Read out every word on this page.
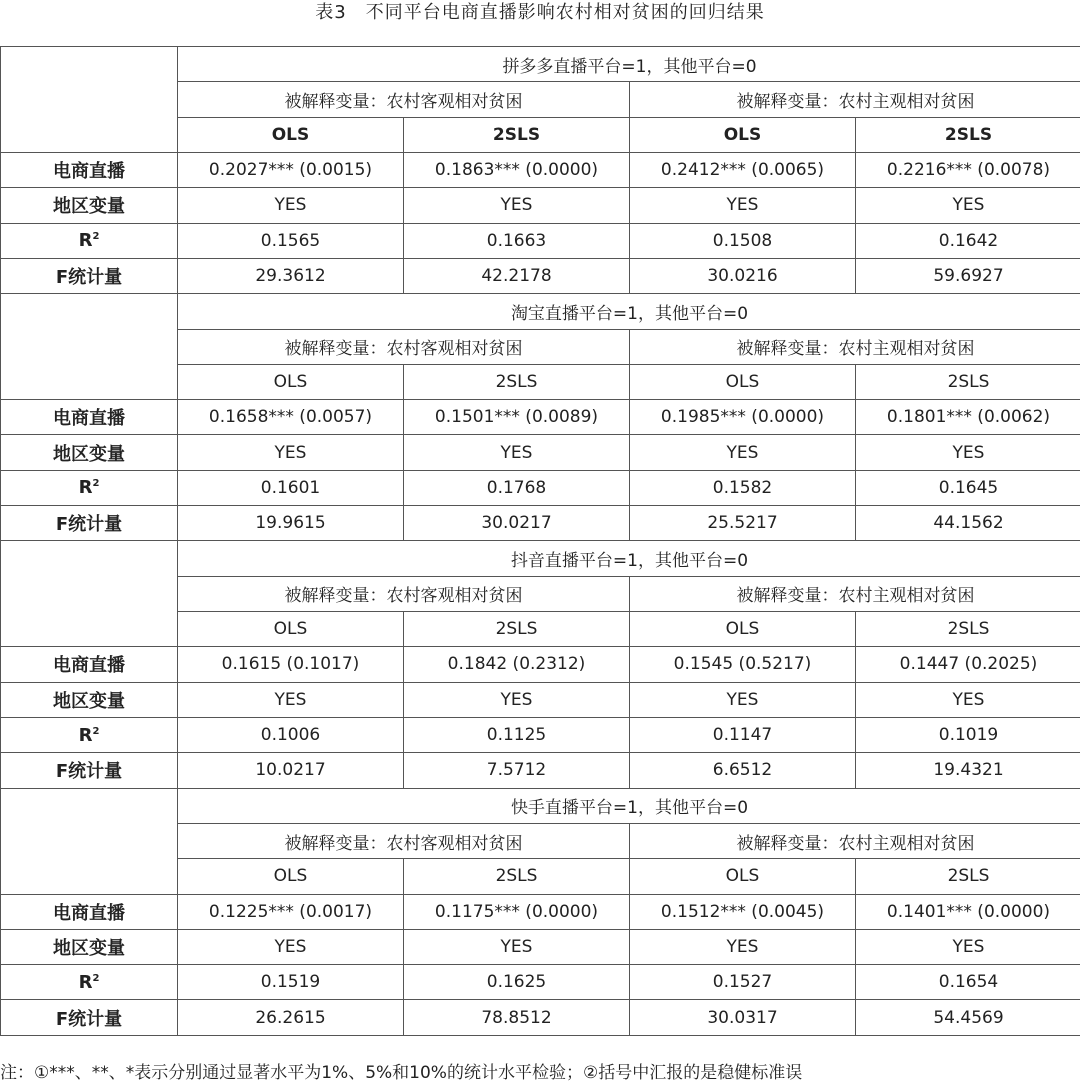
表3　不同平台电商直播影响农村相对贫困的回归结果
	拼多多直播平台=1，其他平台=0			
	被解释变量：农村客观相对贫困		被解释变量：农村主观相对贫困	
	OLS	2SLS	OLS	2SLS
电商直播	0.2027*** (0.0015)	0.1863*** (0.0000)	0.2412*** (0.0065)	0.2216*** (0.0078)
地区变量	YES	YES	YES	YES
$R^2$	0.1565	0.1663	0.1508	0.1642
F统计量	29.3612	42.2178	30.0216	59.6927
	淘宝直播平台=1，其他平台=0			
	被解释变量：农村客观相对贫困		被解释变量：农村主观相对贫困	
	OLS	2SLS	OLS	2SLS
电商直播	0.1658*** (0.0057)	0.1501*** (0.0089)	0.1985*** (0.0000)	0.1801*** (0.0062)
地区变量	YES	YES	YES	YES
$R^2$	0.1601	0.1768	0.1582	0.1645
F统计量	19.9615	30.0217	25.5217	44.1562
	抖音直播平台=1，其他平台=0			
	被解释变量：农村客观相对贫困		被解释变量：农村主观相对贫困	
	OLS	2SLS	OLS	2SLS
电商直播	0.1615 (0.1017)	0.1842 (0.2312)	0.1545 (0.5217)	0.1447 (0.2025)
地区变量	YES	YES	YES	YES
$R^2$	0.1006	0.1125	0.1147	0.1019
F统计量	10.0217	7.5712	6.6512	19.4321
	快手直播平台=1，其他平台=0			
	被解释变量：农村客观相对贫困		被解释变量：农村主观相对贫困	
	OLS	2SLS	OLS	2SLS
电商直播	0.1225*** (0.0017)	0.1175*** (0.0000)	0.1512*** (0.0045)	0.1401*** (0.0000)
地区变量	YES	YES	YES	YES
$R^2$	0.1519	0.1625	0.1527	0.1654
F统计量	26.2615	78.8512	30.0317	54.4569
注：①***、**、*表示分别通过显著水平为1%、5%和10%的统计水平检验；②括号中汇报的是稳健标准误
